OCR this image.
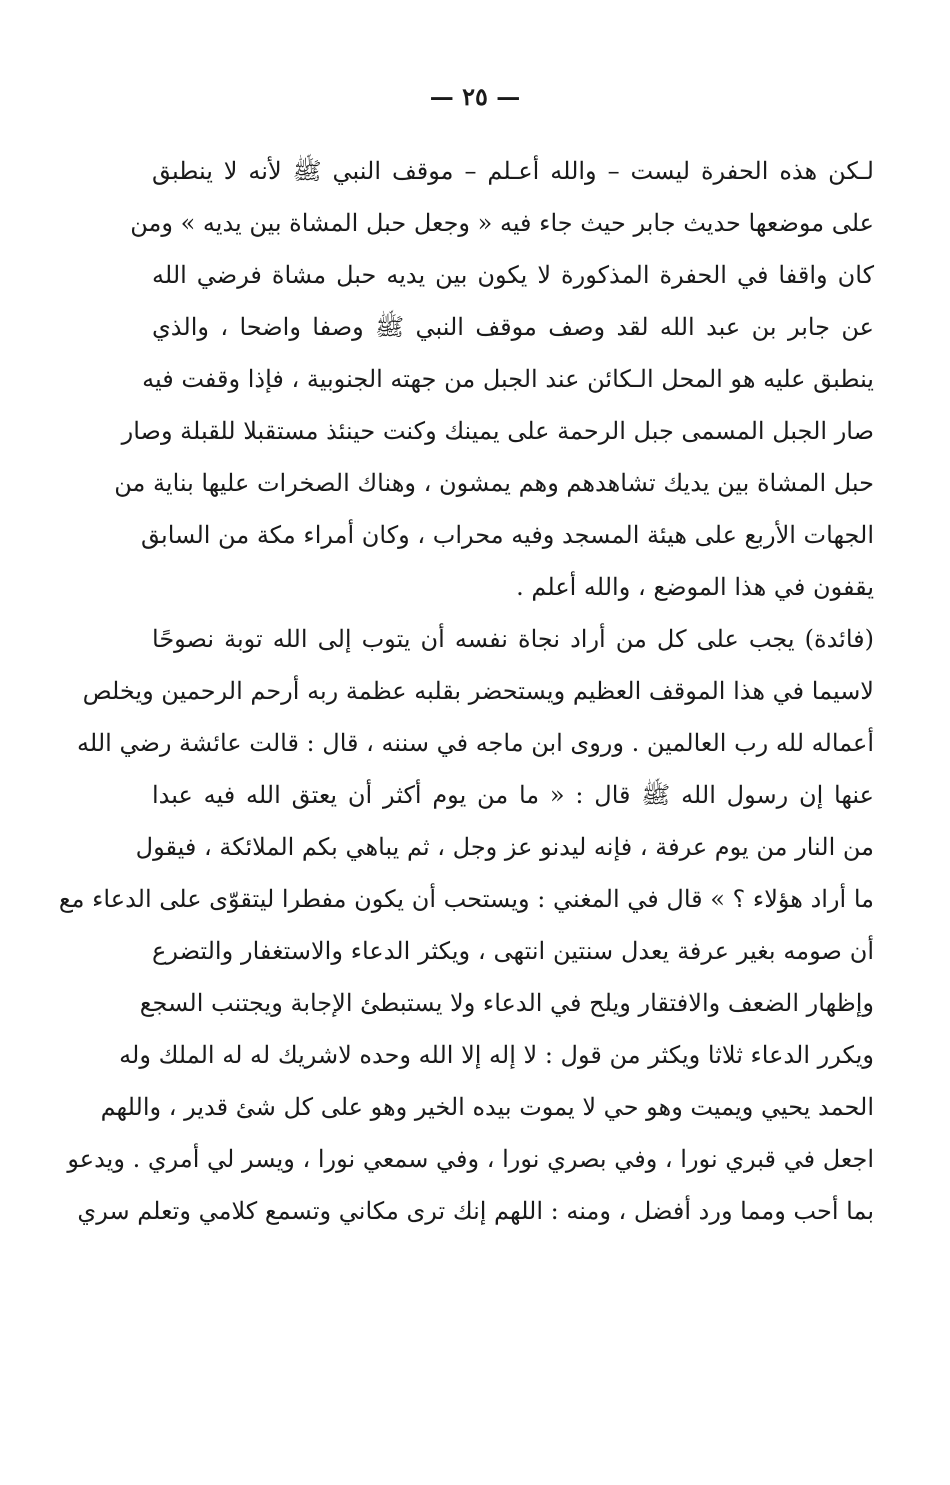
— ٢٥ —
لـكن هذه الحفرة ليست – والله أعـلم – موقف النبي ﷺ لأنه لا ينطبق
على موضعها حديث جابر حيث جاء فيه « وجعل حبل المشاة بين يديه » ومن
كان واقفا في الحفرة المذكورة لا يكون بين يديه حبل مشاة فرضي الله
عن جابر بن عبد الله لقد وصف موقف النبي ﷺ وصفا واضحا ، والذي
ينطبق عليه هو المحل الـكائن عند الجبل من جهته الجنوبية ، فإذا وقفت فيه
صار الجبل المسمى جبل الرحمة على يمينك وكنت حينئذ مستقبلا للقبلة وصار
حبل المشاة بين يديك تشاهدهم وهم يمشون ، وهناك الصخرات عليها بناية من
الجهات الأربع على هيئة المسجد وفيه محراب ، وكان أمراء مكة من السابق
يقفون في هذا الموضع ، والله أعلم .
(فائدة) يجب على كل من أراد نجاة نفسه أن يتوب إلى الله توبة نصوحًا
لاسيما في هذا الموقف العظيم ويستحضر بقلبه عظمة ربه أرحم الرحمين ويخلص
أعماله لله رب العالمين . وروى ابن ماجه في سننه ، قال : قالت عائشة رضي الله
عنها إن رسول الله ﷺ قال : « ما من يوم أكثر أن يعتق الله فيه عبدا
من النار من يوم عرفة ، فإنه ليدنو عز وجل ، ثم يباهي بكم الملائكة ، فيقول
ما أراد هؤلاء ؟ » قال في المغني : ويستحب أن يكون مفطرا ليتقوّى على الدعاء مع
أن صومه بغير عرفة يعدل سنتين انتهى ، ويكثر الدعاء والاستغفار والتضرع
وإظهار الضعف والافتقار ويلح في الدعاء ولا يستبطئ الإجابة ويجتنب السجع
ويكرر الدعاء ثلاثا ويكثر من قول : لا إله إلا الله وحده لاشريك له له الملك وله
الحمد يحيي ويميت وهو حي لا يموت بيده الخير وهو على كل شئ قدير ، واللهم
اجعل في قبري نورا ، وفي بصري نورا ، وفي سمعي نورا ، ويسر لي أمري . ويدعو
بما أحب ومما ورد أفضل ، ومنه : اللهم إنك ترى مكاني وتسمع كلامي وتعلم سري
